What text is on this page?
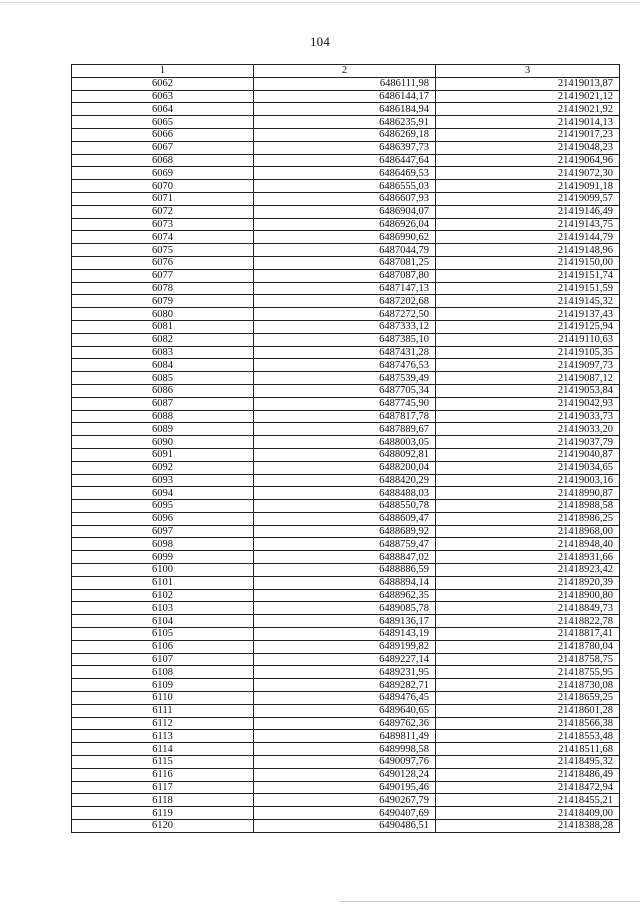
104
1	2	3
6062	6486111,98	21419013,87
6063	6486144,17	21419021,12
6064	6486184,94	21419021,92
6065	6486235,91	21419014,13
6066	6486269,18	21419017,23
6067	6486397,73	21419048,23
6068	6486447,64	21419064,96
6069	6486469,53	21419072,30
6070	6486555,03	21419091,18
6071	6486607,93	21419099,57
6072	6486904,07	21419146,49
6073	6486926,04	21419143,75
6074	6486990,62	21419144,79
6075	6487044,79	21419148,96
6076	6487081,25	21419150,00
6077	6487087,80	21419151,74
6078	6487147,13	21419151,59
6079	6487202,68	21419145,32
6080	6487272,50	21419137,43
6081	6487333,12	21419125,94
6082	6487385,10	21419110,63
6083	6487431,28	21419105,35
6084	6487476,53	21419097,73
6085	6487539,49	21419087,12
6086	6487705,34	21419053,84
6087	6487745,90	21419042,93
6088	6487817,78	21419033,73
6089	6487889,67	21419033,20
6090	6488003,05	21419037,79
6091	6488092,81	21419040,87
6092	6488200,04	21419034,65
6093	6488420,29	21419003,16
6094	6488488,03	21418990,87
6095	6488550,78	21418988,58
6096	6488609,47	21418986,25
6097	6488689,92	21418968,00
6098	6488759,47	21418948,40
6099	6488847,02	21418931,66
6100	6488886,59	21418923,42
6101	6488894,14	21418920,39
6102	6488962,35	21418900,80
6103	6489085,78	21418849,73
6104	6489136,17	21418822,78
6105	6489143,19	21418817,41
6106	6489199,82	21418780,04
6107	6489227,14	21418758,75
6108	6489231,95	21418755,95
6109	6489282,71	21418730,08
6110	6489476,45	21418659,25
6111	6489640,65	21418601,28
6112	6489762,36	21418566,38
6113	6489811,49	21418553,48
6114	6489998,58	21418511,68
6115	6490097,76	21418495,32
6116	6490128,24	21418486,49
6117	6490195,46	21418472,94
6118	6490267,79	21418455,21
6119	6490407,69	21418409,00
6120	6490486,51	21418388,28
